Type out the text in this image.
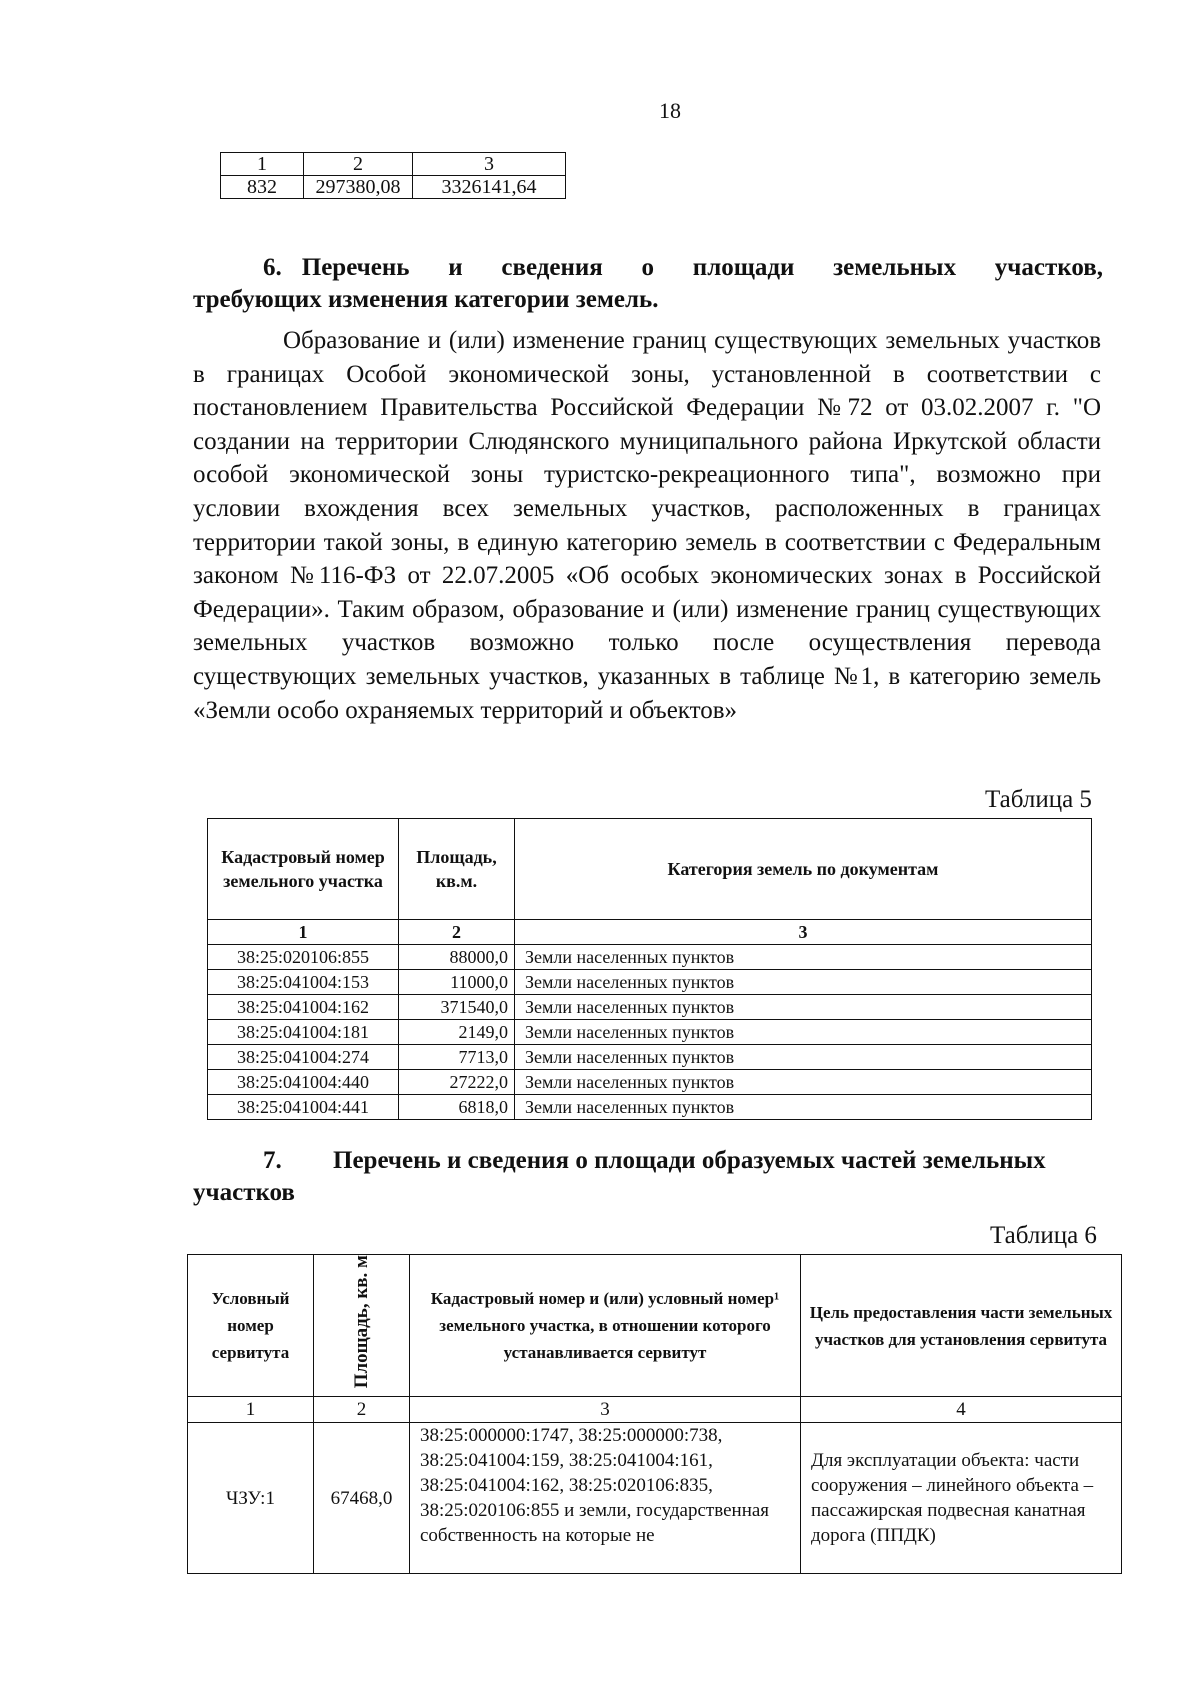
18
1	2	3
832	297380,08	3326141,64
6. Перечень и сведения о площади земельных участков,
требующих изменения категории земель.
Образование и (или) изменение границ существующих земельных участков в границах Особой экономической зоны, установленной в соответствии с постановлением Правительства Российской Федерации №72 от 03.02.2007 г. "О создании на территории Слюдянского муниципального района Иркутской области особой экономической зоны туристско-рекреационного типа", возможно при условии вхождения всех земельных участков, расположенных в границах территории такой зоны, в единую категорию земель в соответствии с Федеральным законом №116-ФЗ от 22.07.2005 «Об особых экономических зонах в Российской Федерации». Таким образом, образование и (или) изменение границ существующих земельных участков возможно только после осуществления перевода существующих земельных участков, указанных в таблице №1, в категорию земель «Земли особо охраняемых территорий и объектов»
Таблица 5
Кадастровый номер земельного участка	Площадь, кв.м.	Категория земель по документам
1	2	3
38:25:020106:855	88000,0	Земли населенных пунктов
38:25:041004:153	11000,0	Земли населенных пунктов
38:25:041004:162	371540,0	Земли населенных пунктов
38:25:041004:181	2149,0	Земли населенных пунктов
38:25:041004:274	7713,0	Земли населенных пунктов
38:25:041004:440	27222,0	Земли населенных пунктов
38:25:041004:441	6818,0	Земли населенных пунктов
7.	Перечень и сведения о площади образуемых частей земельных
участков
Таблица 6
Условный номер сервитута	Площадь, кв. м	Кадастровый номер и (или) условный номер¹ земельного участка, в отношении которого устанавливается сервитут	Цель предоставления части земельных участков для установления сервитута
1	2	3	4
ЧЗУ:1	67468,0	38:25:000000:1747, 38:25:000000:738, 38:25:041004:159, 38:25:041004:161, 38:25:041004:162, 38:25:020106:835, 38:25:020106:855 и земли, государственная собственность на которые не	Для эксплуатации объекта: части сооружения – линейного объекта – пассажирская подвесная канатная дорога (ППДК)
